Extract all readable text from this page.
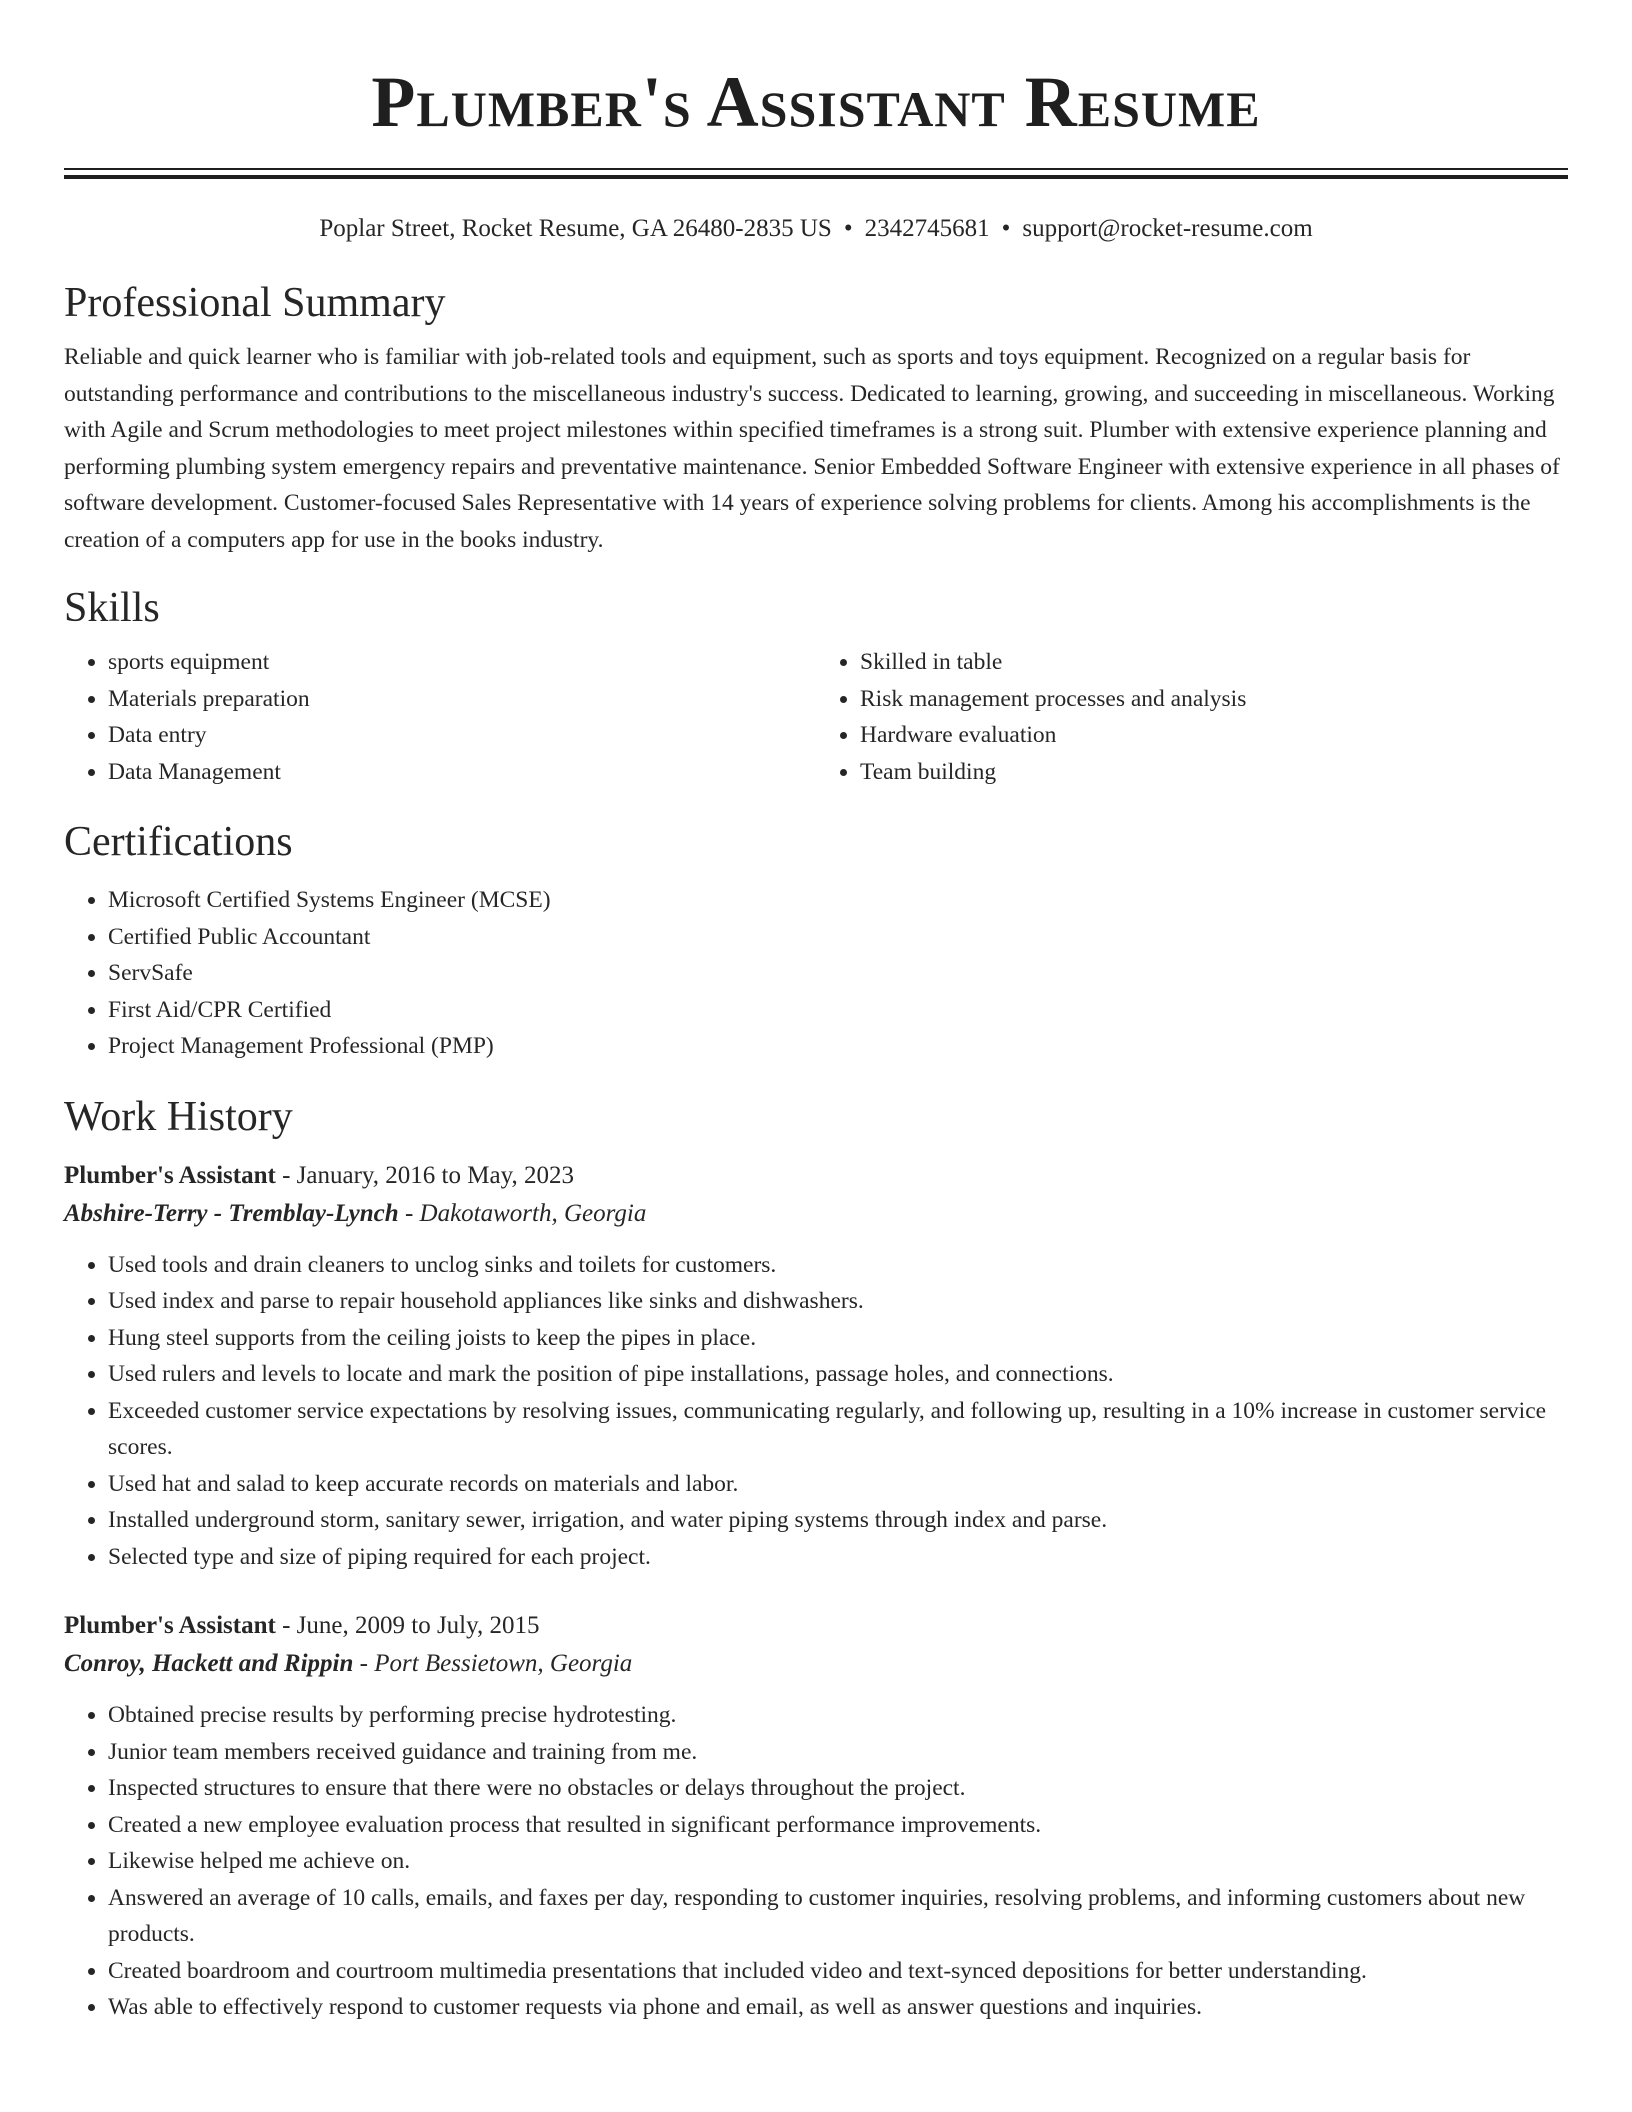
Plumber's Assistant Resume
Poplar Street, Rocket Resume, GA 26480-2835 US • 2342745681 • support@rocket-resume.com
Professional Summary

Reliable and quick learner who is familiar with job-related tools and equipment, such as sports and toys equipment. Recognized on a regular basis for outstanding performance and contributions to the miscellaneous industry's success. Dedicated to learning, growing, and succeeding in miscellaneous. Working with Agile and Scrum methodologies to meet project milestones within specified timeframes is a strong suit. Plumber with extensive experience planning and performing plumbing system emergency repairs and preventative maintenance. Senior Embedded Software Engineer with extensive experience in all phases of software development. Customer-focused Sales Representative with 14 years of experience solving problems for clients. Among his accomplishments is the creation of a computers app for use in the books industry.

Skills
• sports equipment
• Materials preparation
• Data entry
• Data Management
• Skilled in table
• Risk management processes and analysis
• Hardware evaluation
• Team building
Certifications
• Microsoft Certified Systems Engineer (MCSE)
• Certified Public Accountant
• ServSafe
• First Aid/CPR Certified
• Project Management Professional (PMP)
Work History
Plumber's Assistant - January, 2016 to May, 2023
Abshire-Terry - Tremblay-Lynch - Dakotaworth, Georgia
• Used tools and drain cleaners to unclog sinks and toilets for customers.
• Used index and parse to repair household appliances like sinks and dishwashers.
• Hung steel supports from the ceiling joists to keep the pipes in place.
• Used rulers and levels to locate and mark the position of pipe installations, passage holes, and connections.
• Exceeded customer service expectations by resolving issues, communicating regularly, and following up, resulting in a 10% increase in customer service scores.
• Used hat and salad to keep accurate records on materials and labor.
• Installed underground storm, sanitary sewer, irrigation, and water piping systems through index and parse.
• Selected type and size of piping required for each project.
Plumber's Assistant - June, 2009 to July, 2015
Conroy, Hackett and Rippin - Port Bessietown, Georgia
• Obtained precise results by performing precise hydrotesting.
• Junior team members received guidance and training from me.
• Inspected structures to ensure that there were no obstacles or delays throughout the project.
• Created a new employee evaluation process that resulted in significant performance improvements.
• Likewise helped me achieve on.
• Answered an average of 10 calls, emails, and faxes per day, responding to customer inquiries, resolving problems, and informing customers about new products.
• Created boardroom and courtroom multimedia presentations that included video and text-synced depositions for better understanding.
• Was able to effectively respond to customer requests via phone and email, as well as answer questions and inquiries.
